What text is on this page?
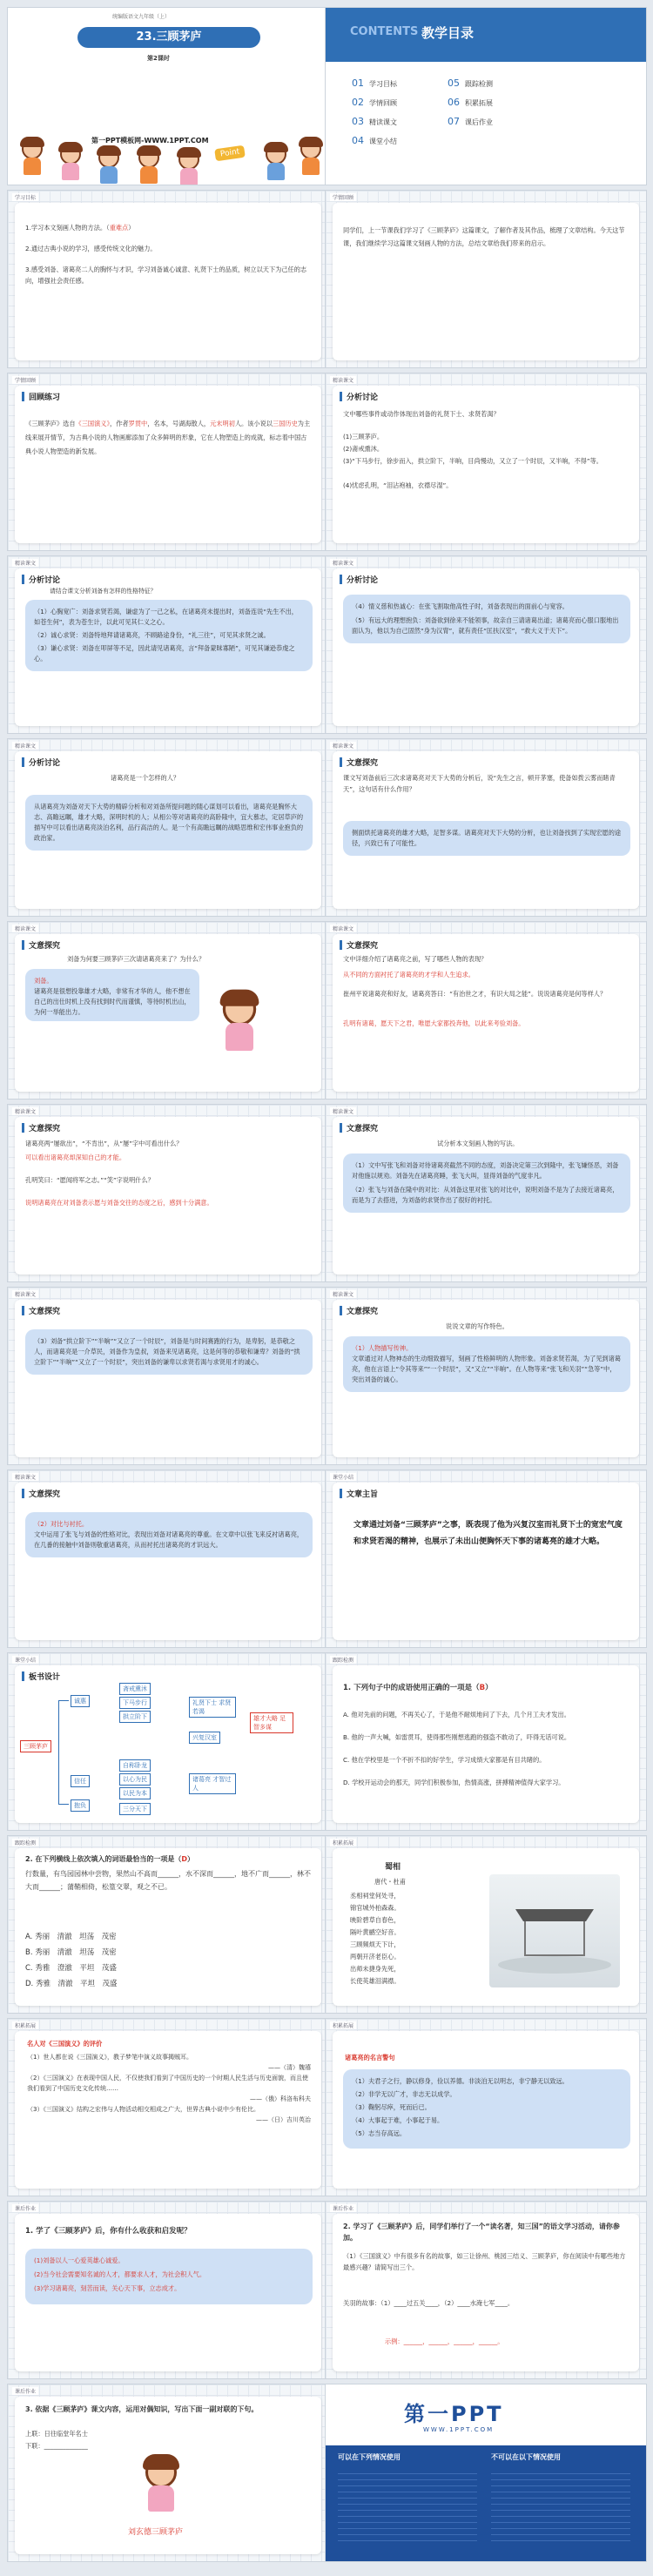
统编版语文九年级（上）
23.三顾茅庐
第2课时
第一PPT模板网-WWW.1PPT.COM
Point
CONTENTS 教学目录
01 学习目标
02 学情回顾
03 精读课文
04 课堂小结
05 跟踪检测
06 积累拓展
07 课后作业
学习目标
1.学习本文刻画人物的方法。（重难点）
2.通过古典小说的学习，感受传统文化的魅力。
3.感受刘备、诸葛亮二人的胸怀与才识，学习刘备诚心诚意、礼贤下士的品质，树立以天下为己任的志向，增强社会责任感。
学情回顾
同学们，上一节课我们学习了《三顾茅庐》这篇课文，了解作者及其作品，梳理了文章结构。今天这节课，我们继续学习这篇课文刻画人物的方法，总结文章给我们带来的启示。
学情回顾
回顾练习
《三顾茅庐》选自《三国演义》，作者罗贯中，名本，号湖海散人，元末明初人。该小说以三国历史为主线来展开情节，为古典小说的人物画廊添加了众多鲜明的形象，它在人物塑造上的成就，标志着中国古典小说人物塑造的新发展。
精读课文
分析讨论
文中哪些事件或动作体现出刘备的礼贤下士、求贤若渴？
(1)三顾茅庐。
(2)斋戒熏沐。
(3)“下马步行，徐步而入，拱立阶下，半晌，目尚慢动，又立了一个时辰，又半晌，不得”等。
(4)忧虑孔明，“泪沾袍袖，衣襟尽湿”。
精读课文
分析讨论
请结合课文分析刘备有怎样的性格特征？
（1）心胸宽广：刘备求贤若渴，谦虚为了一己之私，在诸葛亮未提出时，刘备连说“先生不出，如苍生何”，表为苍生计，以此可见其仁义之心。
（2）诚心求贤：刘备特地拜请诸葛亮，不顾路途身份，“礼三往”，可见其求贤之诚。
（3）谦心求贤：刘备在叩屏等不足，因此请见诸葛亮，言“拜备蒙昧寡陋”，可见其谦逊恭虔之心。
精读课文
分析讨论
（4）情义慈和热诚心：在张飞割取他高性子时，刘备表现出的面前心与宽容。
（5）有远大的理想抱负：刘备欲到徐来不能领事，故亲自三请诸葛出道；诸葛亮而心服口服地出面认为，他以为自己固然“身为汉胄”，就有责任“匡扶汉室”，“救大义于天下”。
精读课文
分析讨论
诸葛亮是一个怎样的人？
从诸葛亮为刘备对天下大势的精辟分析和对刘备所提问题的随心谋划可以看出，诸葛亮是胸怀大志、高瞻远瞩，雄才大略，深明时机的人；从相公等对诸葛亮的高卧隆中，宜大慕志，定居草庐的描写中可以看出诸葛亮淡泊名利，品行高洁的人。是一个有高瞻远瞩的战略思维和宏伟事业抱负的政治家。
精读课文
文意探究
课文写刘备前后三次求诸葛亮对天下大势的分析后，说“先生之言，顿开茅塞，使备如拨云雾而睹青天”，这句话有什么作用？
侧面烘托诸葛亮的雄才大略，足智多谋。诸葛亮对天下大势的分析，也让刘备找到了实现宏愿的途径，兴致已有了可能性。
精读课文
文意探究
刘备为何要三顾茅庐三次请诸葛亮来了？为什么？
刘备。
诸葛亮是很想投靠雄才大略，非常有才华的人，他不想在自己的出仕时机上没有找到时代而谨慎，等待时机出山，为何一举能出力。
精读课文
文意探究
文中详细介绍了诸葛亮之前，写了哪些人物的表现？
从不同的方面衬托了诸葛亮的才学和人生追求。
崔州平说诸葛亮和好友，诸葛亮答曰：“有治世之才，有识大局之能”。说说诸葛亮是何等样人？
孔明有诸葛，愿天下之君，唯愿大家都投奔他，以此来考验刘备。
精读课文
文意探究
诸葛亮两“屡欲出”，“不肯出”，从“屡”字中可看出什么？
可以看出诸葛亮却深知自己的才能。
孔明笑曰：“愿闻将军之志。”“笑”字说明什么？
说明诸葛亮在对刘备表示愿与刘备交往的态度之后，感到十分满意。
精读课文
文意探究
试分析本文刻画人物的写法。
（1）文中写张飞和刘备对待诸葛亮截然不同的态度，刘备决定第三次到隆中，张飞嫌怪恶，刘备对他施以规劝。刘备先在诸葛亮睡，张飞大叫，显得刘备的气度非凡。
（2）张飞与刘备在隆中的对比：从刘备这里对张飞的对比中，说明刘备不是为了去接近诸葛亮，而是为了去搭进，为刘备的求贤作出了很好的衬托。
精读课文
文意探究
（3）刘备“拱立阶下”“半晌”“又立了一个时辰”，刘备是与时间赛跑的行为，是卑躬，是恭敬之人，而诸葛亮是一介草民，刘备作为皇叔，刘备来见诸葛亮，这是何等的恭敬和谦卑？刘备的“拱立阶下”“半晌”“又立了一个时辰”，突出刘备的谦卑以求贤若渴与求贤用才的诚心。
精读课文
文意探究
说说文章的写作特色。
（1）人物描写传神。
文章通过对人物神态的生动细致描写，刻画了性格鲜明的人物形象。刘备求贤若渴，为了见到诸葛亮，他在言语上“令其等来”“一个时辰”，又“又立”“半晌”。在人物等来“张飞和关羽”“急等”中，突出刘备的诚心。
精读课文
文意探究
（2）对比与衬托。
文中运用了张飞与刘备的性格对比，表现出刘备对诸葛亮的尊重。在文章中以张飞来反衬诸葛亮，在几番的接触中刘备则敬重诸葛亮，从而衬托出诸葛亮的才识远大。
课堂小结
文章主旨
文章通过刘备“三顾茅庐”之事，既表现了他为兴复汉室而礼贤下士的宽宏气度和求贤若渴的精神，也展示了未出山便胸怀天下事的诸葛亮的雄才大略。
课堂小结
板书设计
三顾茅庐
诚惠
信任
抱负
斋戒熏沐
下马步行
拱立阶下
自称卧龙
以心为民
以民为本
三分天下
礼贤下士 求贤若渴
兴复汉室
诸葛亮 才智过人
雄才大略 足智多谋
跟踪检测
1. 下列句子中的成语使用正确的一项是（B）
A. 他对先前的问题，不再关心了，于是他不耐烦地问了下去，几个月工夫才发出。
B. 他的一声大喊，如雷贯耳，使得那些刚想逃跑的强盗不敢动了，吓得无话可说。
C. 他在学校里是一个不折不扣的好学生，学习成绩大家都是有目共睹的。
D. 学校开运动会的那天，同学们积极参加，热情高涨，拼搏精神值得大家学习。
跟踪检测
2. 在下列横线上依次填入的词语最恰当的一项是（D）
行数量，有鸟园园林中尝物，果然山不高而______，水不深而______，地不广而______，林不大而______；蒲鞘相倚，松篁交翠，观之不已。
A. 秀丽　清澈　坦荡　茂密
B. 秀丽　清澈　坦荡　茂密
C. 秀雅　澄澈　平坦　茂盛
D. 秀雅　清澈　平坦　茂盛
积累拓展
蜀相
唐代・杜甫
丞相祠堂何处寻，
锦官城外柏森森。
映阶碧草自春色，
隔叶黄鹂空好音。
三顾频烦天下计，
两朝开济老臣心。
出师未捷身先死，
长使英雄泪满襟。
积累拓展
名人对《三国演义》的评价
（1）世人都在说《三国演义》，教子梦笔中演义故事揭贼耳。
——（清）魏禧
（2）《三国演义》在表现中国人民，不仅使我们看到了中国历史的一个时期人民生活与历史面貌，而且使我们看到了中国历史文化传统……
——（俄）科洛布科夫
（3）《三国演义》结构之宏伟与人物活动相交相成之广大，世界古典小说中少有伦比。
——（日）吉川英治
积累拓展
诸葛亮的名言警句
（1）夫君子之行，静以修身，俭以养德。非淡泊无以明志，非宁静无以致远。
（2）非学无以广才，非志无以成学。
（3）鞠躬尽瘁，死而后已。
（4）大事起于难，小事起于易。
（5）志当存高远。
课后作业
1. 学了《三顾茅庐》后，你有什么收获和启发呢？
(1)刘备以人一心爱英雄心诚爱。
(2)当今社会需要知名诚的人才，都要求人才，为社会积人气。
(3)学习诸葛亮，刻苦而读，关心天下事，立志成才。
课后作业
2. 学习了《三顾茅庐》后，同学们举行了一个“读名著，知三国”的语文学习活动，请你参加。
（1）《三国演义》中有很多有名的故事，如三让徐州、桃园三结义、三顾茅庐，你在阅读中有哪些地方最感兴趣？请简写出三个。
关羽的故事：（1）____过五关____，（2）____水淹七军____。
示例：______，______，______，______。
课后作业
3. 依据《三顾茅庐》课文内容，运用对偶知识，写出下面一副对联的下句。
上联：日往临堂年名士
下联：______________
刘玄德三顾茅庐
第一PPT
WWW.1PPT.COM
可以在下列情况使用	不可以在以下情况使用
